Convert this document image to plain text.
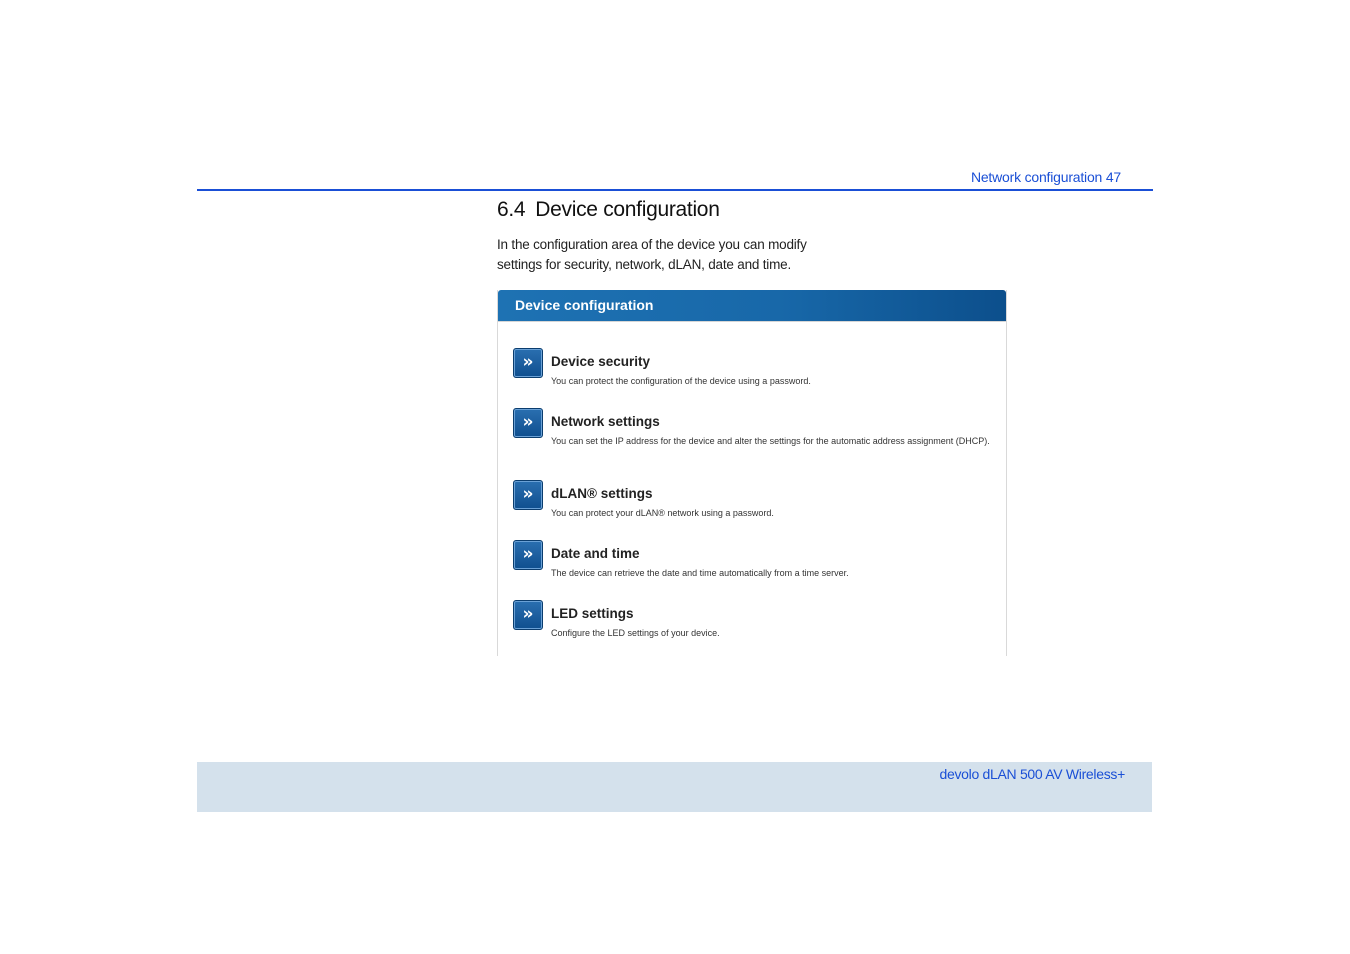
Network configuration 47
6.4 Device configuration
In the configuration area of the device you can modify
settings for security, network, dLAN, date and time.
Device configuration
»	Device security
You can protect the configuration of the device using a password.
»	Network settings
You can set the IP address for the device and alter the settings for the automatic address assignment (DHCP).
»	dLAN® settings
You can protect your dLAN® network using a password.
»	Date and time
The device can retrieve the date and time automatically from a time server.
»	LED settings
Configure the LED settings of your device.
devolo dLAN 500 AV Wireless+
